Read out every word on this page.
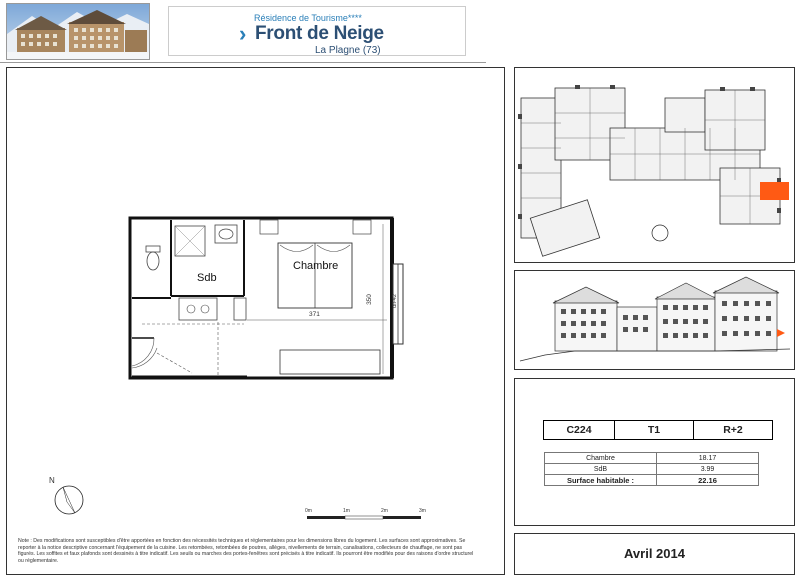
Résidence de Tourisme****
› Front de Neige
La Plagne (73)
Sdb
Chambre
371
350	dfl-42
N
0m	1m	2m	3m
Note : Des modifications sont susceptibles d'être apportées en fonction des nécessités techniques et réglementaires pour les dimensions libres du logement. Les surfaces sont approximatives. Se reporter à la notice descriptive concernant l'équipement de la cuisine. Les retombées, retombées de poutres, allèges, nivellements de terrain, canalisations, collecteurs de chauffage, ne sont pas figurés. Les soffites et faux plafonds sont dessinés à titre indicatif. Les seuils ou marches des portes-fenêtres sont précisés à titre indicatif. Ils pourront être modifiés pour des raisons d'ordre structurel ou réglementaire.
C224	T1	R+2
Chambre	18.17
SdB	3.99
Surface habitable :	22.16
Avril 2014
